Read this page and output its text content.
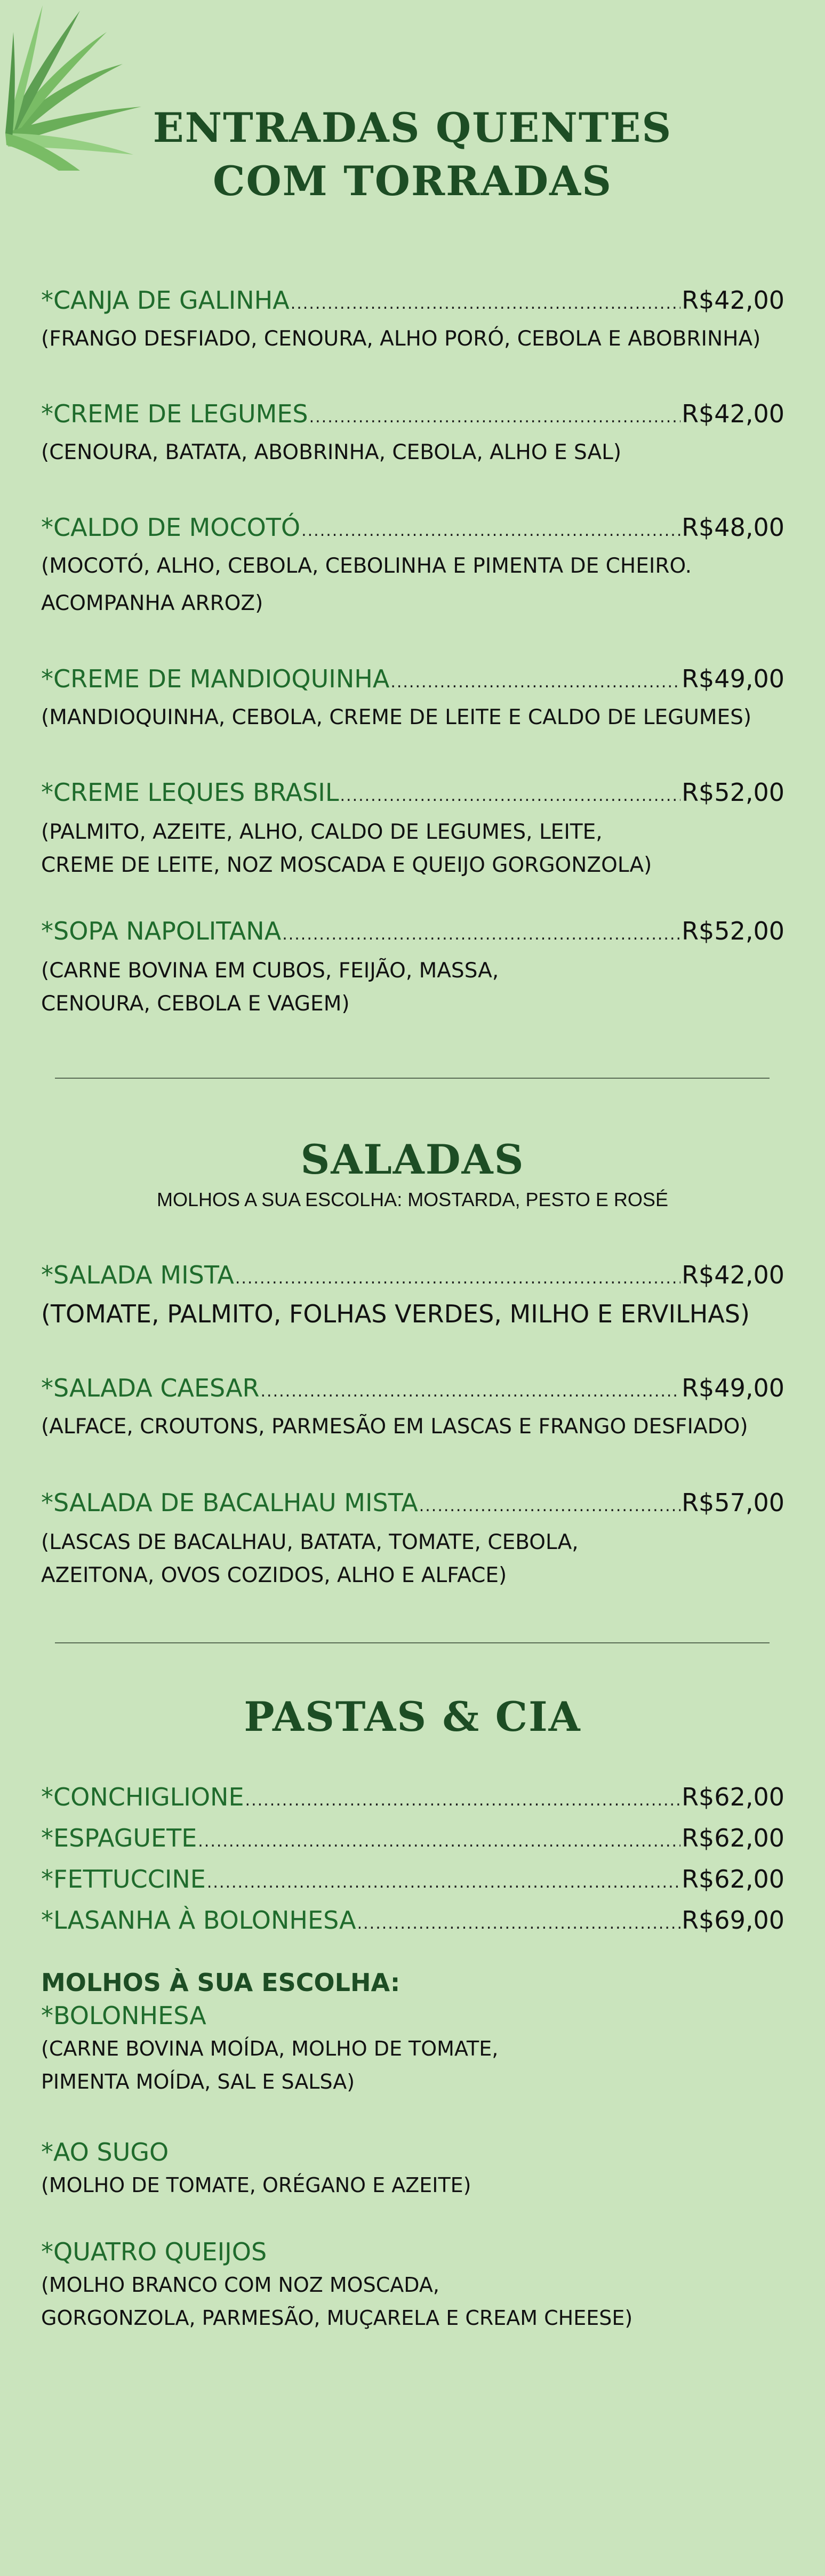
ENTRADAS QUENTES
COM TORRADAS
*CANJA DE GALINHA .....	R$42,00
(FRANGO DESFIADO, CENOURA, ALHO PORÓ, CEBOLA E ABOBRINHA)
*CREME DE LEGUMES .....	R$42,00
(CENOURA, BATATA, ABOBRINHA, CEBOLA, ALHO E SAL)
*CALDO DE MOCOTÓ .....	R$48,00
(MOCOTÓ, ALHO, CEBOLA, CEBOLINHA E PIMENTA DE CHEIRO.
ACOMPANHA ARROZ)
*CREME DE MANDIOQUINHA .....	R$49,00
(MANDIOQUINHA, CEBOLA, CREME DE LEITE E CALDO DE LEGUMES)
*CREME LEQUES BRASIL .....	R$52,00
(PALMITO, AZEITE, ALHO, CALDO DE LEGUMES, LEITE,
CREME DE LEITE, NOZ MOSCADA E QUEIJO GORGONZOLA)
*SOPA NAPOLITANA .....	R$52,00
(CARNE BOVINA EM CUBOS, FEIJÃO, MASSA,
CENOURA, CEBOLA E VAGEM)
SALADAS
MOLHOS A SUA ESCOLHA: MOSTARDA, PESTO E ROSÉ
*SALADA MISTA .....	R$42,00
(TOMATE, PALMITO, FOLHAS VERDES, MILHO E ERVILHAS)
*SALADA CAESAR .....	R$49,00
(ALFACE, CROUTONS, PARMESÃO EM LASCAS E FRANGO DESFIADO)
*SALADA DE BACALHAU MISTA .....	R$57,00
(LASCAS DE BACALHAU, BATATA, TOMATE, CEBOLA,
AZEITONA, OVOS COZIDOS, ALHO E ALFACE)
PASTAS & CIA
*CONCHIGLIONE .....	R$62,00
*ESPAGUETE .....	R$62,00
*FETTUCCINE .....	R$62,00
*LASANHA À BOLONHESA .....	R$69,00
MOLHOS À SUA ESCOLHA:
*BOLONHESA
(CARNE BOVINA MOÍDA, MOLHO DE TOMATE,
PIMENTA MOÍDA, SAL E SALSA)
*AO SUGO
(MOLHO DE TOMATE, ORÉGANO E AZEITE)
*QUATRO QUEIJOS
(MOLHO BRANCO COM NOZ MOSCADA,
GORGONZOLA, PARMESÃO, MUÇARELA E CREAM CHEESE)
